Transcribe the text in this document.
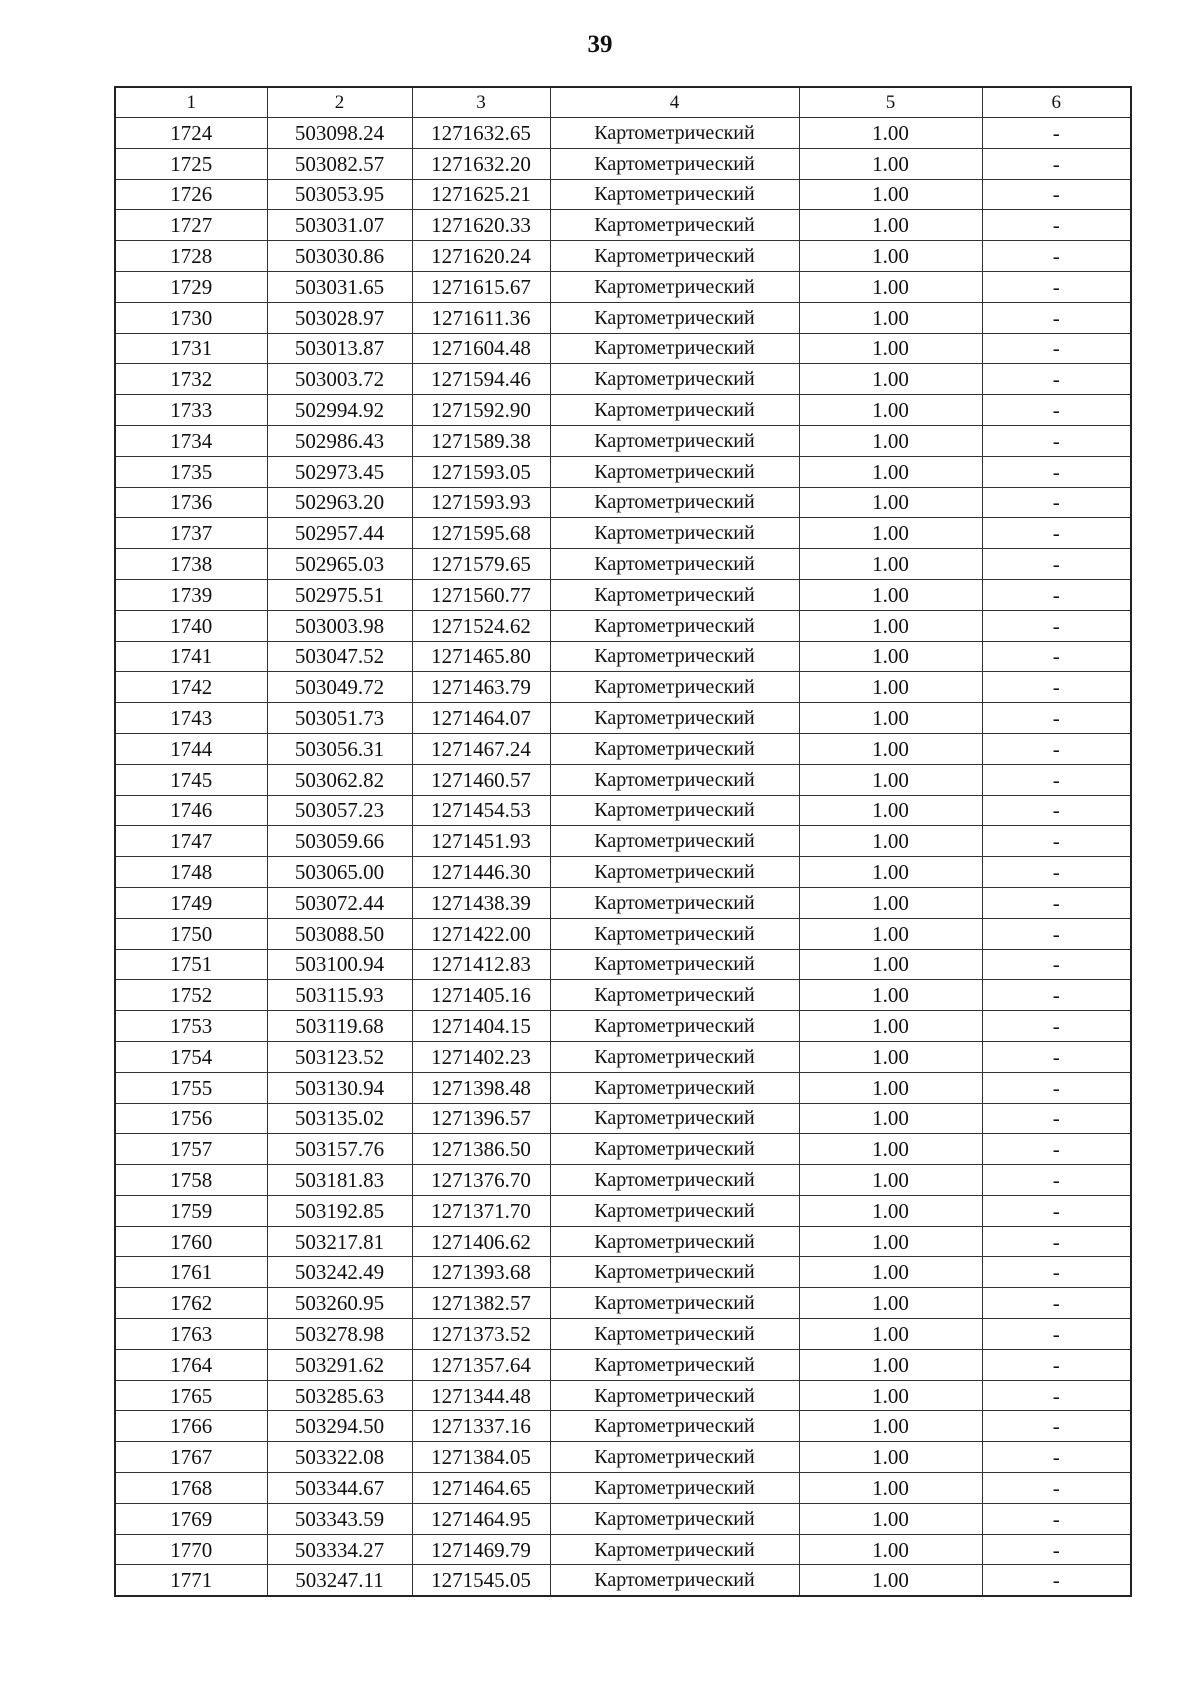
39
1	2	3	4	5	6
1724	503098.24	1271632.65	Картометрический	1.00	-
1725	503082.57	1271632.20	Картометрический	1.00	-
1726	503053.95	1271625.21	Картометрический	1.00	-
1727	503031.07	1271620.33	Картометрический	1.00	-
1728	503030.86	1271620.24	Картометрический	1.00	-
1729	503031.65	1271615.67	Картометрический	1.00	-
1730	503028.97	1271611.36	Картометрический	1.00	-
1731	503013.87	1271604.48	Картометрический	1.00	-
1732	503003.72	1271594.46	Картометрический	1.00	-
1733	502994.92	1271592.90	Картометрический	1.00	-
1734	502986.43	1271589.38	Картометрический	1.00	-
1735	502973.45	1271593.05	Картометрический	1.00	-
1736	502963.20	1271593.93	Картометрический	1.00	-
1737	502957.44	1271595.68	Картометрический	1.00	-
1738	502965.03	1271579.65	Картометрический	1.00	-
1739	502975.51	1271560.77	Картометрический	1.00	-
1740	503003.98	1271524.62	Картометрический	1.00	-
1741	503047.52	1271465.80	Картометрический	1.00	-
1742	503049.72	1271463.79	Картометрический	1.00	-
1743	503051.73	1271464.07	Картометрический	1.00	-
1744	503056.31	1271467.24	Картометрический	1.00	-
1745	503062.82	1271460.57	Картометрический	1.00	-
1746	503057.23	1271454.53	Картометрический	1.00	-
1747	503059.66	1271451.93	Картометрический	1.00	-
1748	503065.00	1271446.30	Картометрический	1.00	-
1749	503072.44	1271438.39	Картометрический	1.00	-
1750	503088.50	1271422.00	Картометрический	1.00	-
1751	503100.94	1271412.83	Картометрический	1.00	-
1752	503115.93	1271405.16	Картометрический	1.00	-
1753	503119.68	1271404.15	Картометрический	1.00	-
1754	503123.52	1271402.23	Картометрический	1.00	-
1755	503130.94	1271398.48	Картометрический	1.00	-
1756	503135.02	1271396.57	Картометрический	1.00	-
1757	503157.76	1271386.50	Картометрический	1.00	-
1758	503181.83	1271376.70	Картометрический	1.00	-
1759	503192.85	1271371.70	Картометрический	1.00	-
1760	503217.81	1271406.62	Картометрический	1.00	-
1761	503242.49	1271393.68	Картометрический	1.00	-
1762	503260.95	1271382.57	Картометрический	1.00	-
1763	503278.98	1271373.52	Картометрический	1.00	-
1764	503291.62	1271357.64	Картометрический	1.00	-
1765	503285.63	1271344.48	Картометрический	1.00	-
1766	503294.50	1271337.16	Картометрический	1.00	-
1767	503322.08	1271384.05	Картометрический	1.00	-
1768	503344.67	1271464.65	Картометрический	1.00	-
1769	503343.59	1271464.95	Картометрический	1.00	-
1770	503334.27	1271469.79	Картометрический	1.00	-
1771	503247.11	1271545.05	Картометрический	1.00	-
